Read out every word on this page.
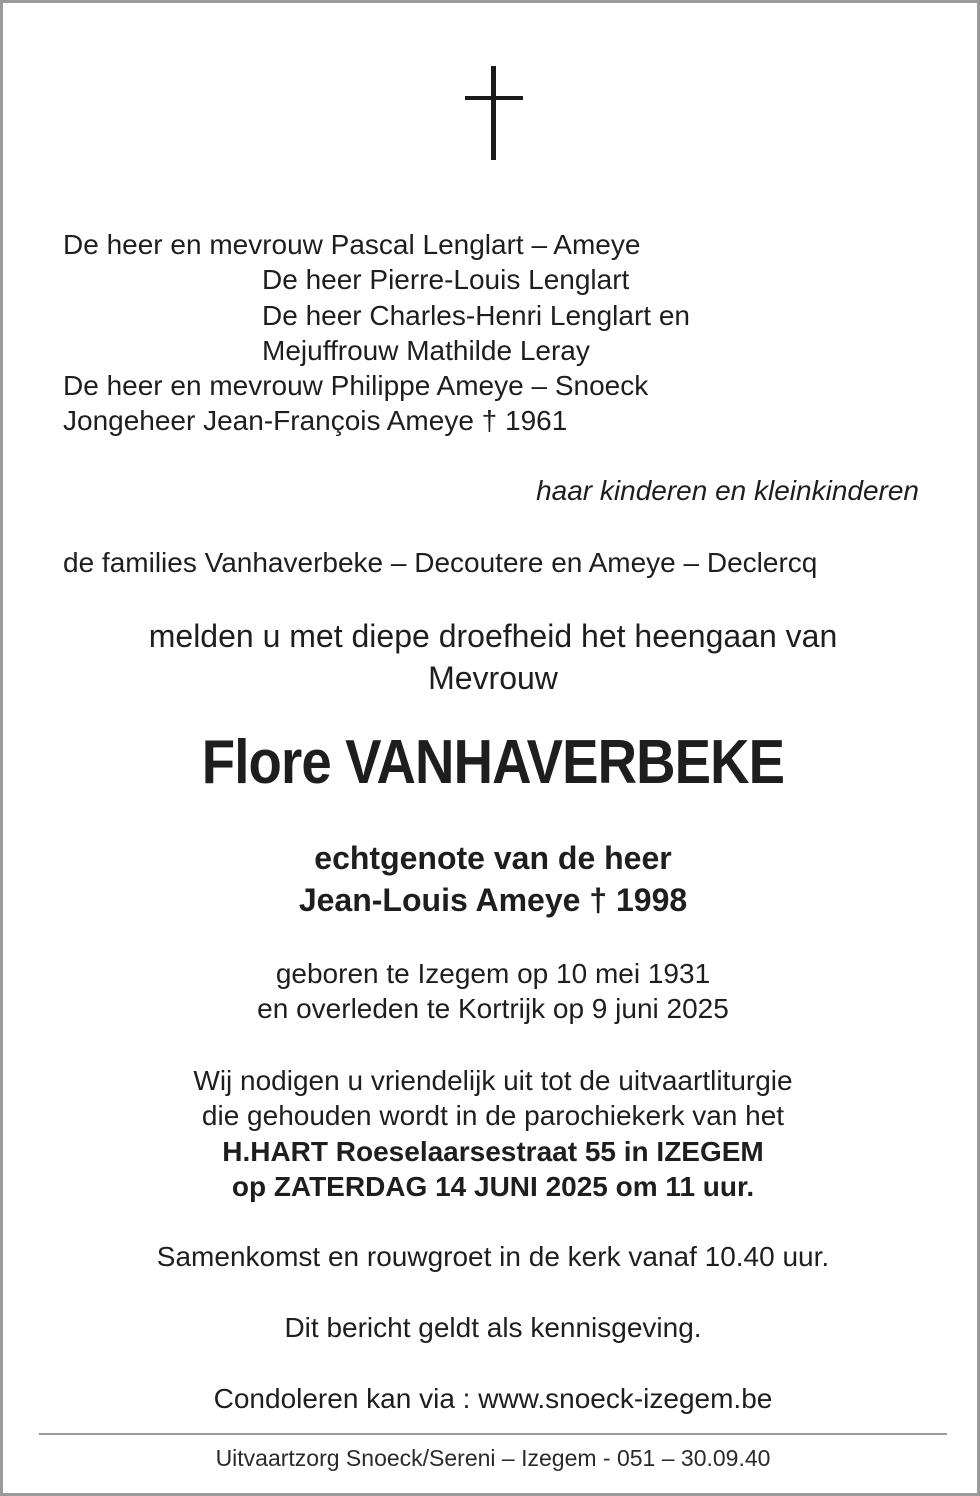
De heer en mevrouw Pascal Lenglart – Ameye
De heer Pierre-Louis Lenglart
De heer Charles-Henri Lenglart en
Mejuffrouw Mathilde Leray
De heer en mevrouw Philippe Ameye – Snoeck
Jongeheer Jean-François Ameye † 1961
haar kinderen en kleinkinderen
de families Vanhaverbeke – Decoutere en Ameye – Declercq
melden u met diepe droefheid het heengaan van
Mevrouw
Flore VANHAVERBEKE
echtgenote van de heer
Jean-Louis Ameye † 1998
geboren te Izegem op 10 mei 1931
en overleden te Kortrijk op 9 juni 2025
Wij nodigen u vriendelijk uit tot de uitvaartliturgie
die gehouden wordt in de parochiekerk van het
H.HART Roeselaarsestraat 55 in IZEGEM
op ZATERDAG 14 JUNI 2025 om 11 uur.
Samenkomst en rouwgroet in de kerk vanaf 10.40 uur.
Dit bericht geldt als kennisgeving.
Condoleren kan via : www.snoeck-izegem.be
Uitvaartzorg Snoeck/Sereni – Izegem - 051 – 30.09.40
